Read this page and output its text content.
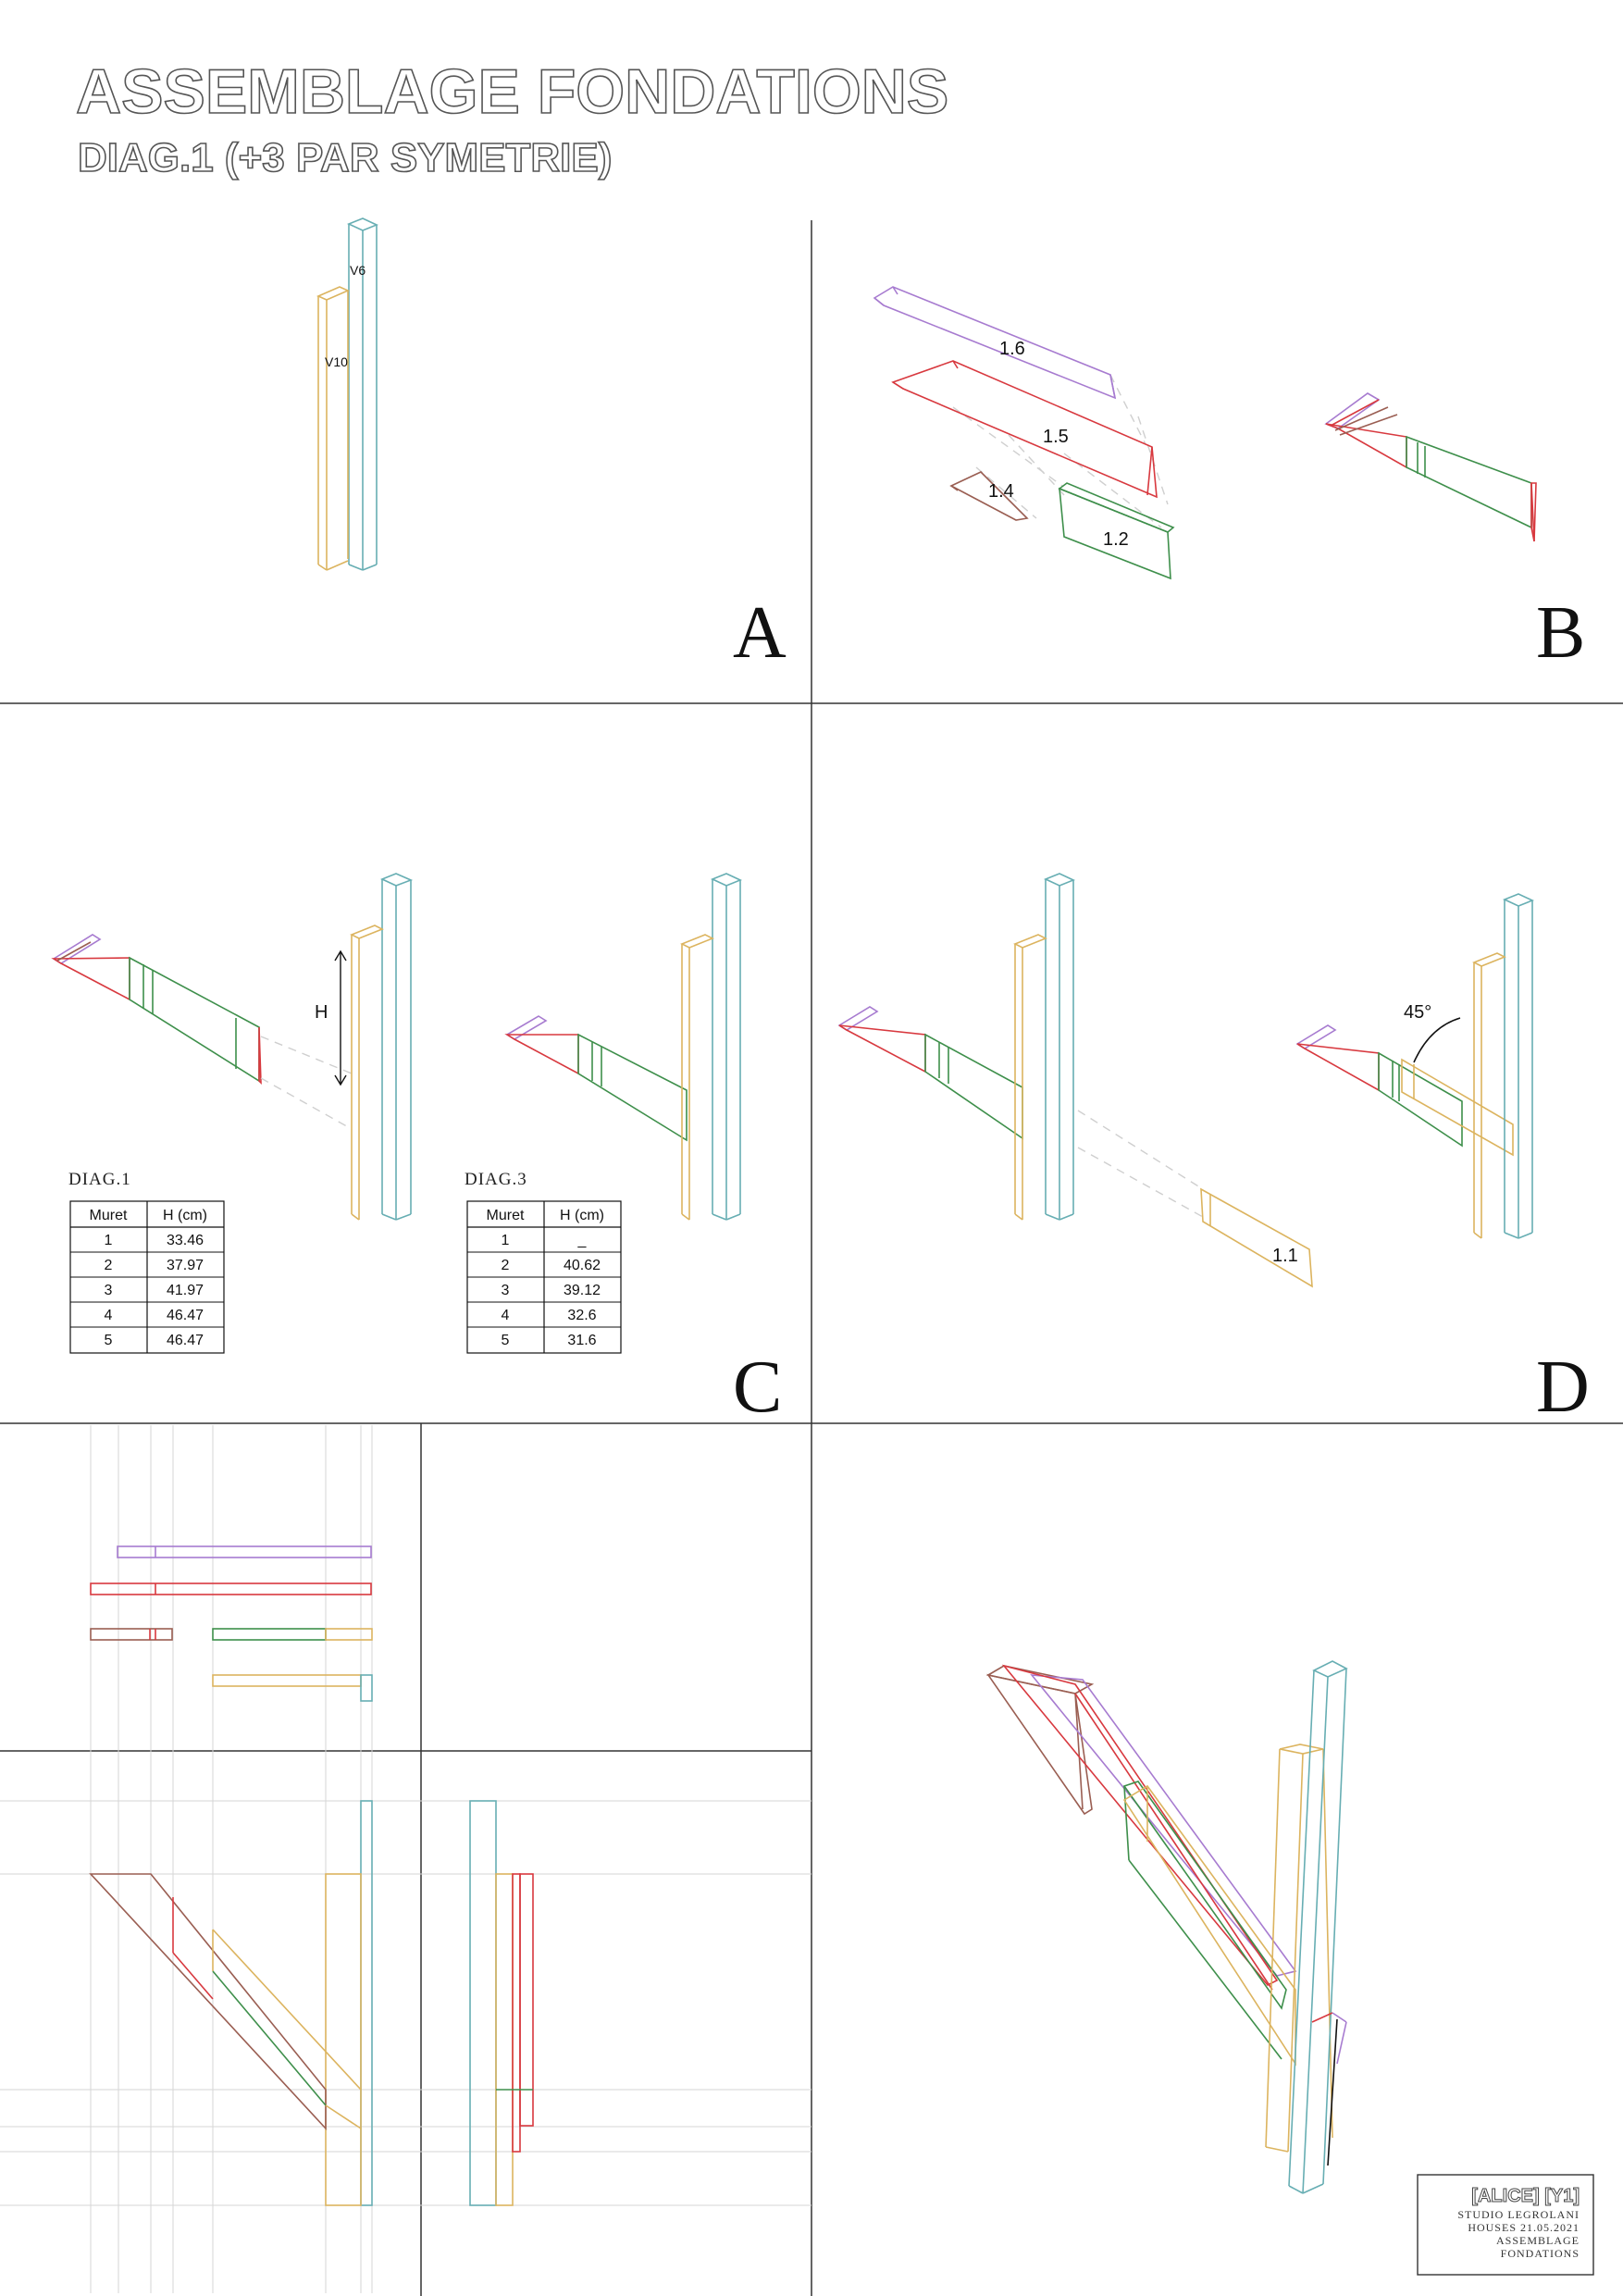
ASSEMBLAGE FONDATIONS
DIAG.1 (+3 PAR SYMETRIE)
V6
V10
A
1.6
1.5
1.4
1.2
B
H
DIAG.1
Muret H (cm)
1	33.46
2	37.97
3	41.97
4	46.47
5	46.47
DIAG.3
Muret H (cm)
1	_
2	40.62
3	39.12
4	32.6
5	31.6
C
1.1
45°
D
[ALICE] [Y1]
STUDIO LEGROLANI
HOUSES 21.05.2021
ASSEMBLAGE
FONDATIONS
